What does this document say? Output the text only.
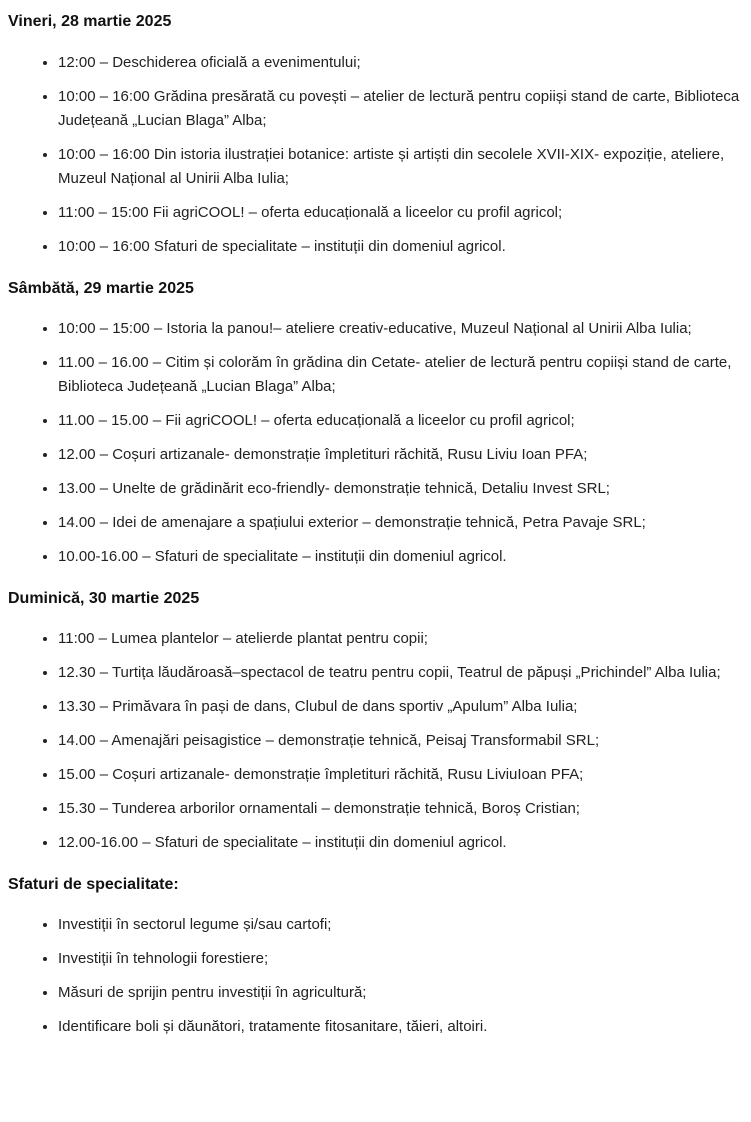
Vineri, 28 martie 2025
• 12:00 – Deschiderea oficială a evenimentului;
• 10:00 – 16:00 Grădina presărată cu povești – atelier de lectură pentru copiiși stand de carte, Biblioteca Județeană „Lucian Blaga” Alba;
• 10:00 – 16:00 Din istoria ilustrației botanice: artiste și artiști din secolele XVII-XIX- expoziție, ateliere, Muzeul Național al Unirii Alba Iulia;
• 11:00 – 15:00 Fii agriCOOL! – oferta educațională a liceelor cu profil agricol;
• 10:00 – 16:00 Sfaturi de specialitate – instituții din domeniul agricol.
Sâmbătă, 29 martie 2025
• 10:00 – 15:00 – Istoria la panou!– ateliere creativ-educative, Muzeul Național al Unirii Alba Iulia;
• 11.00 – 16.00 – Citim și colorăm în grădina din Cetate- atelier de lectură pentru copiiși stand de carte, Biblioteca Județeană „Lucian Blaga” Alba;
• 11.00 – 15.00 – Fii agriCOOL! – oferta educațională a liceelor cu profil agricol;
• 12.00 – Coșuri artizanale- demonstrație împletituri răchită, Rusu Liviu Ioan PFA;
• 13.00 – Unelte de grădinărit eco-friendly- demonstrație tehnică, Detaliu Invest SRL;
• 14.00 – Idei de amenajare a spațiului exterior – demonstrație tehnică, Petra Pavaje SRL;
• 10.00-16.00 – Sfaturi de specialitate – instituții din domeniul agricol.
Duminică, 30 martie 2025
• 11:00 – Lumea plantelor – atelierde plantat pentru copii;
• 12.30 – Turtița lăudăroasă–spectacol de teatru pentru copii, Teatrul de păpuși „Prichindel” Alba Iulia;
• 13.30 – Primăvara în pași de dans, Clubul de dans sportiv „Apulum” Alba Iulia;
• 14.00 – Amenajări peisagistice – demonstrație tehnică, Peisaj Transformabil SRL;
• 15.00 – Coșuri artizanale- demonstrație împletituri răchită, Rusu LiviuIoan PFA;
• 15.30 – Tunderea arborilor ornamentali – demonstrație tehnică, Boroș Cristian;
• 12.00-16.00 – Sfaturi de specialitate – instituții din domeniul agricol.
Sfaturi de specialitate:
• Investiții în sectorul legume și/sau cartofi;
• Investiții în tehnologii forestiere;
• Măsuri de sprijin pentru investiții în agricultură;
• Identificare boli și dăunători, tratamente fitosanitare, tăieri, altoiri.
